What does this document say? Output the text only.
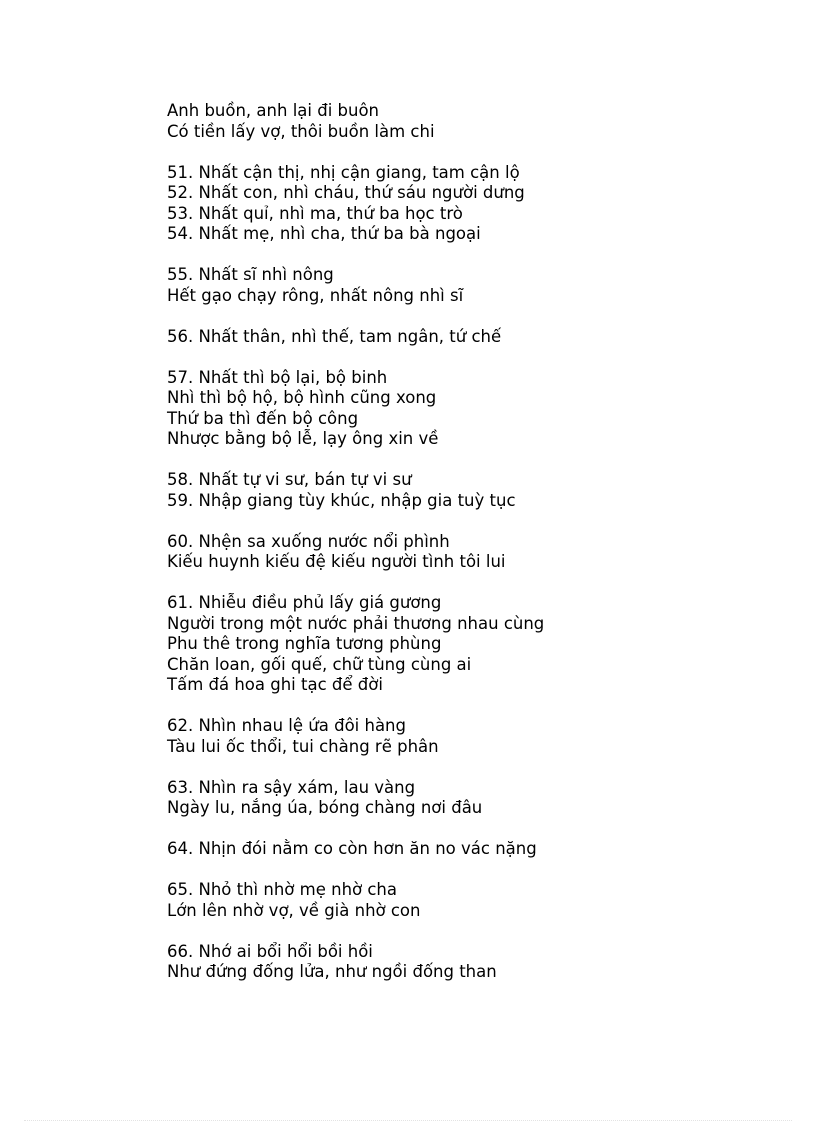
Anh buồn, anh lại đi buôn
Có tiền lấy vợ, thôi buồn làm chi
51. Nhất cận thị, nhị cận giang, tam cận lộ
52. Nhất con, nhì cháu, thứ sáu người dưng
53. Nhất quỉ, nhì ma, thứ ba học trò
54. Nhất mẹ, nhì cha, thứ ba bà ngoại
55. Nhất sĩ nhì nông
Hết gạo chạy rông, nhất nông nhì sĩ
56. Nhất thân, nhì thế, tam ngân, tứ chế
57. Nhất thì bộ lại, bộ binh
Nhì thì bộ hộ, bộ hình cũng xong
Thứ ba thì đến bộ công
Nhược bằng bộ lễ, lạy ông xin về
58. Nhất tự vi sư, bán tự vi sư
59. Nhập giang tùy khúc, nhập gia tuỳ tục
60. Nhện sa xuống nước nổi phình
Kiếu huynh kiếu đệ kiếu người tình tôi lui
61. Nhiễu điều phủ lấy giá gương
Người trong một nước phải thương nhau cùng
Phu thê trong nghĩa tương phùng
Chăn loan, gối quế, chữ tùng cùng ai
Tấm đá hoa ghi tạc để đời
62. Nhìn nhau lệ ứa đôi hàng
Tàu lui ốc thổi, tui chàng rẽ phân
63. Nhìn ra sậy xám, lau vàng
Ngày lu, nắng úa, bóng chàng nơi đâu
64. Nhịn đói nằm co còn hơn ăn no vác nặng
65. Nhỏ thì nhờ mẹ nhờ cha
Lớn lên nhờ vợ, về già nhờ con
66. Nhớ ai bổi hổi bồi hồi
Như đứng đống lửa, như ngồi đống than
